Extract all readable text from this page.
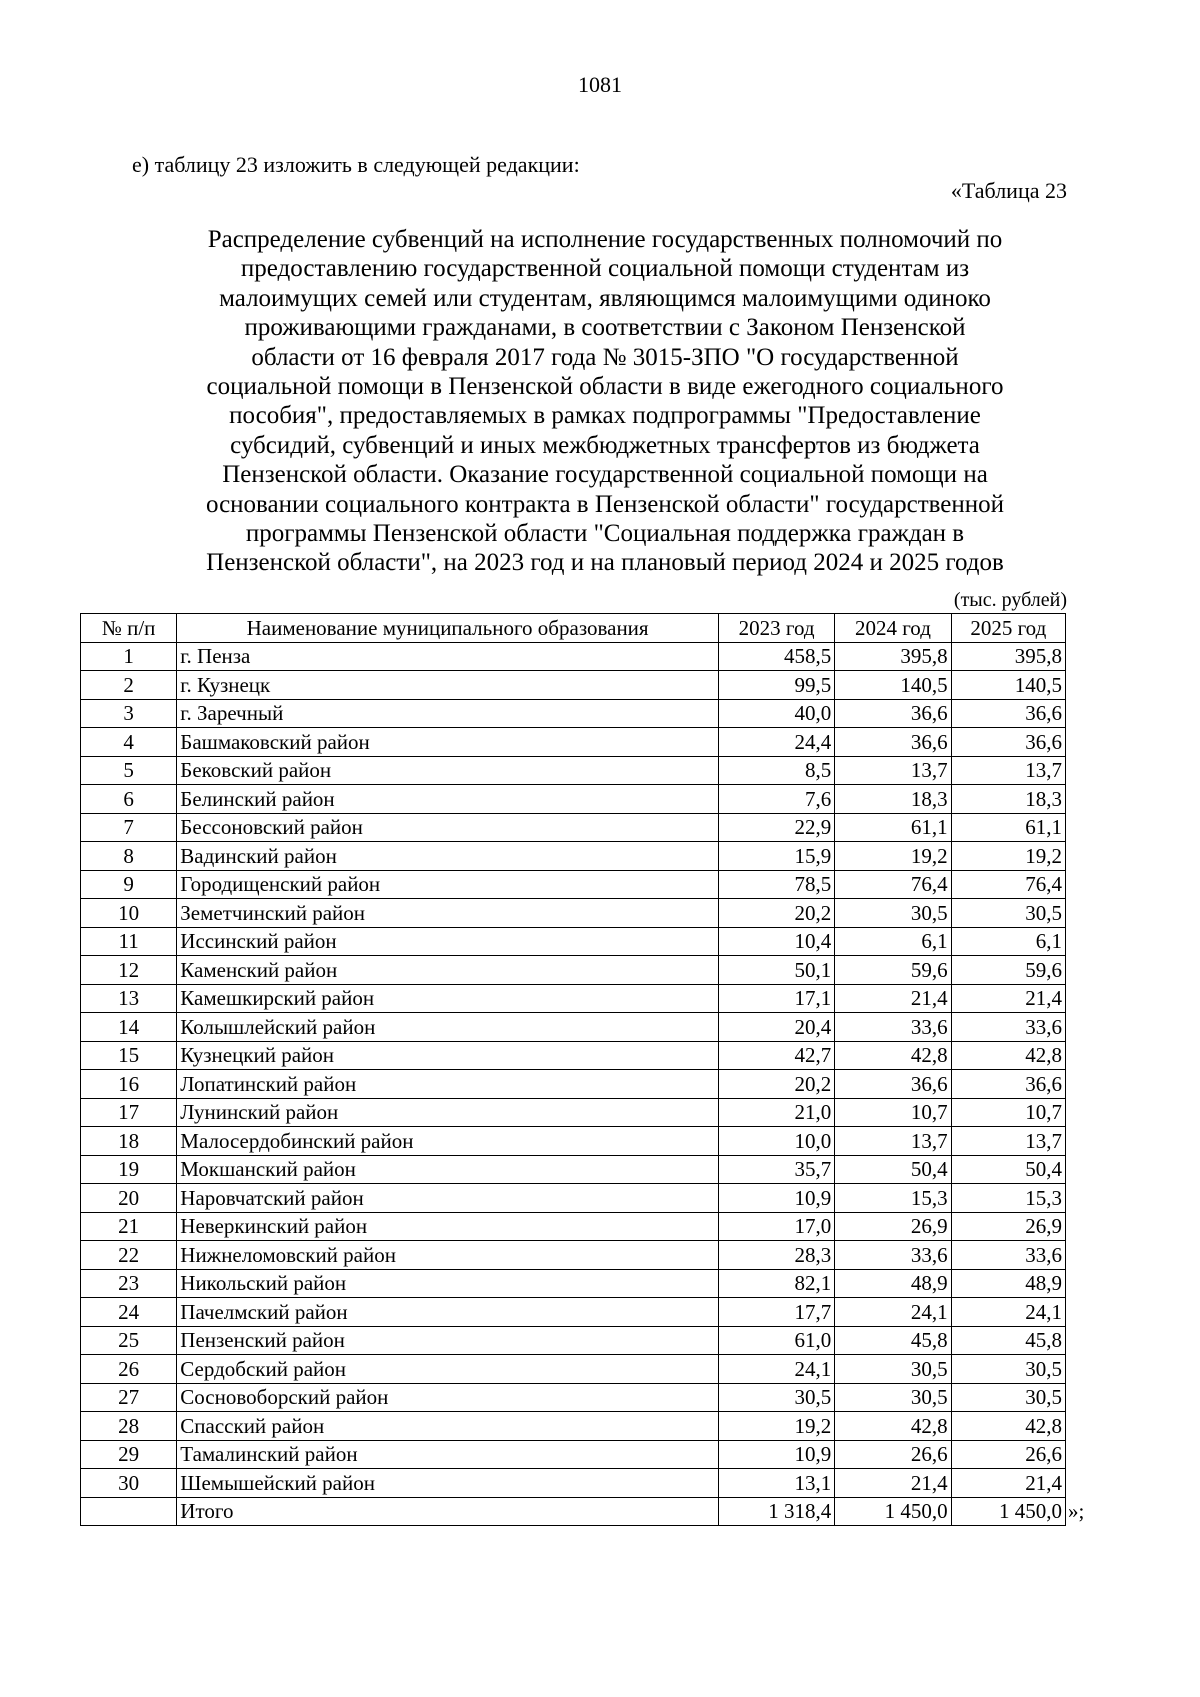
1081
е) таблицу 23 изложить в следующей редакции:
«Таблица 23
Распределение субвенций на исполнение государственных полномочий по
предоставлению государственной социальной помощи студентам из
малоимущих семей или студентам, являющимся малоимущими одиноко
проживающими гражданами, в соответствии с Законом Пензенской
области от 16 февраля 2017 года № 3015-ЗПО "О государственной
социальной помощи в Пензенской области в виде ежегодного социального
пособия", предоставляемых в рамках подпрограммы "Предоставление
субсидий, субвенций и иных межбюджетных трансфертов из бюджета
Пензенской области. Оказание государственной социальной помощи на
основании социального контракта в Пензенской области" государственной
программы Пензенской области "Социальная поддержка граждан в
Пензенской области", на 2023 год и на плановый период 2024 и 2025 годов
(тыс. рублей)
№ п/п	Наименование муниципального образования	2023 год	2024 год	2025 год
1	г. Пенза	458,5	395,8	395,8
2	г. Кузнецк	99,5	140,5	140,5
3	г. Заречный	40,0	36,6	36,6
4	Башмаковский район	24,4	36,6	36,6
5	Бековский район	8,5	13,7	13,7
6	Белинский район	7,6	18,3	18,3
7	Бессоновский район	22,9	61,1	61,1
8	Вадинский район	15,9	19,2	19,2
9	Городищенский район	78,5	76,4	76,4
10	Земетчинский район	20,2	30,5	30,5
11	Иссинский район	10,4	6,1	6,1
12	Каменский район	50,1	59,6	59,6
13	Камешкирский район	17,1	21,4	21,4
14	Колышлейский район	20,4	33,6	33,6
15	Кузнецкий район	42,7	42,8	42,8
16	Лопатинский район	20,2	36,6	36,6
17	Лунинский район	21,0	10,7	10,7
18	Малосердобинский район	10,0	13,7	13,7
19	Мокшанский район	35,7	50,4	50,4
20	Наровчатский район	10,9	15,3	15,3
21	Неверкинский район	17,0	26,9	26,9
22	Нижнеломовский район	28,3	33,6	33,6
23	Никольский район	82,1	48,9	48,9
24	Пачелмский район	17,7	24,1	24,1
25	Пензенский район	61,0	45,8	45,8
26	Сердобский район	24,1	30,5	30,5
27	Сосновоборский район	30,5	30,5	30,5
28	Спасский район	19,2	42,8	42,8
29	Тамалинский район	10,9	26,6	26,6
30	Шемышейский район	13,1	21,4	21,4
	Итого	1 318,4	1 450,0	1 450,0 »;
